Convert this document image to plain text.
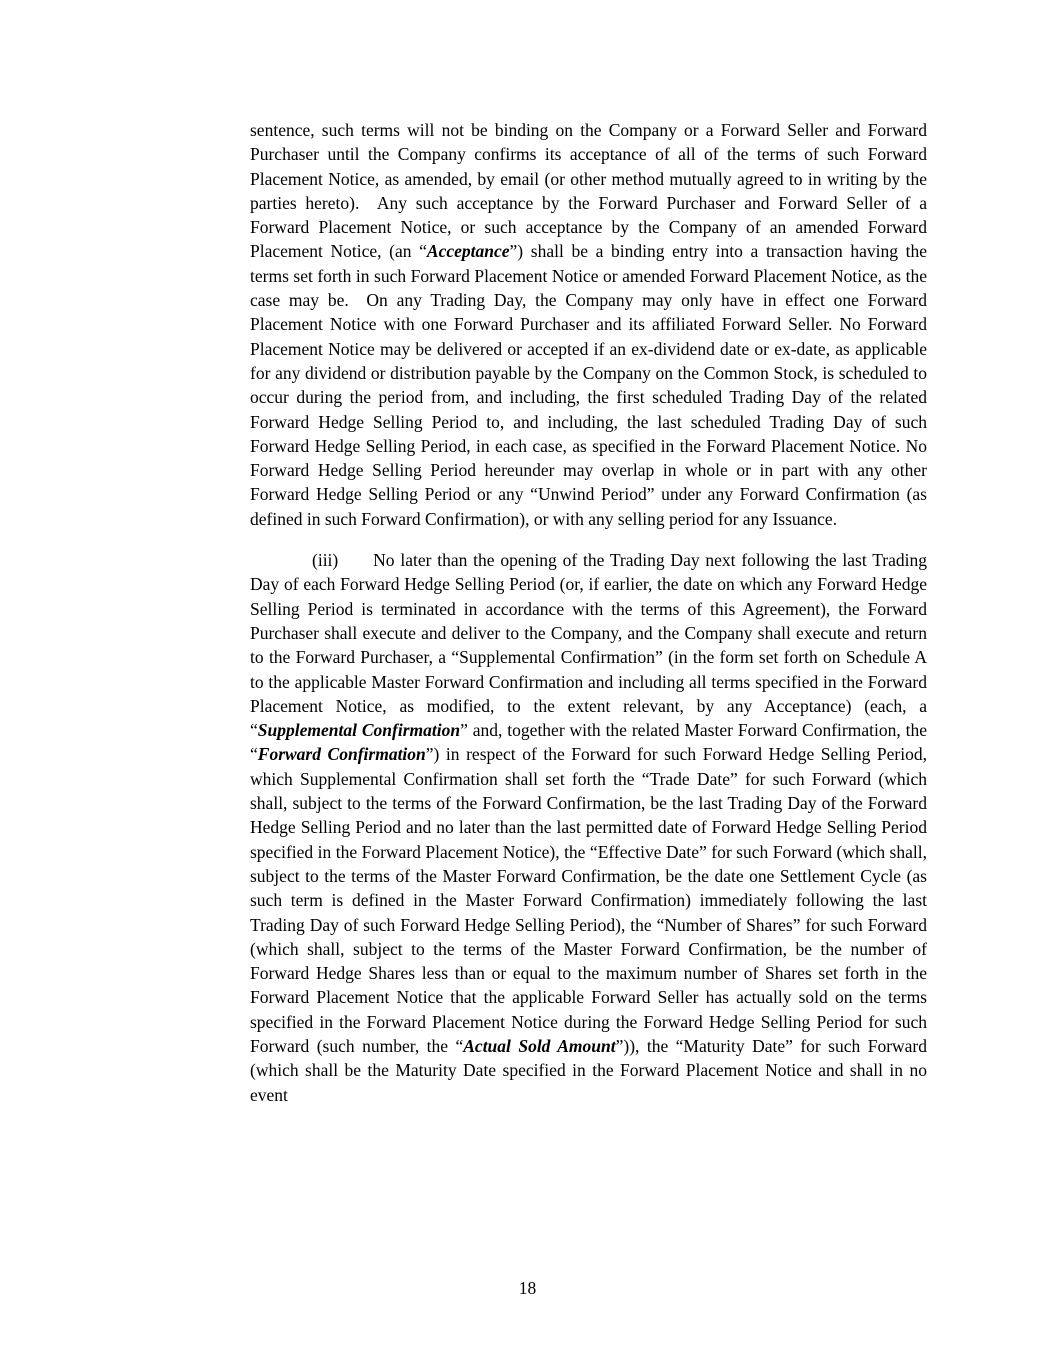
sentence, such terms will not be binding on the Company or a Forward Seller and Forward Purchaser until the Company confirms its acceptance of all of the terms of such Forward Placement Notice, as amended, by email (or other method mutually agreed to in writing by the parties hereto).  Any such acceptance by the Forward Purchaser and Forward Seller of a Forward Placement Notice, or such acceptance by the Company of an amended Forward Placement Notice, (an “Acceptance”) shall be a binding entry into a transaction having the terms set forth in such Forward Placement Notice or amended Forward Placement Notice, as the case may be.  On any Trading Day, the Company may only have in effect one Forward Placement Notice with one Forward Purchaser and its affiliated Forward Seller. No Forward Placement Notice may be delivered or accepted if an ex-dividend date or ex-date, as applicable for any dividend or distribution payable by the Company on the Common Stock, is scheduled to occur during the period from, and including, the first scheduled Trading Day of the related Forward Hedge Selling Period to, and including, the last scheduled Trading Day of such Forward Hedge Selling Period, in each case, as specified in the Forward Placement Notice. No Forward Hedge Selling Period hereunder may overlap in whole or in part with any other Forward Hedge Selling Period or any “Unwind Period” under any Forward Confirmation (as defined in such Forward Confirmation), or with any selling period for any Issuance.

(iii)      No later than the opening of the Trading Day next following the last Trading Day of each Forward Hedge Selling Period (or, if earlier, the date on which any Forward Hedge Selling Period is terminated in accordance with the terms of this Agreement), the Forward Purchaser shall execute and deliver to the Company, and the Company shall execute and return to the Forward Purchaser, a “Supplemental Confirmation” (in the form set forth on Schedule A to the applicable Master Forward Confirmation and including all terms specified in the Forward Placement Notice, as modified, to the extent relevant, by any Acceptance) (each, a “Supplemental Confirmation” and, together with the related Master Forward Confirmation, the “Forward Confirmation”) in respect of the Forward for such Forward Hedge Selling Period, which Supplemental Confirmation shall set forth the “Trade Date” for such Forward (which shall, subject to the terms of the Forward Confirmation, be the last Trading Day of the Forward Hedge Selling Period and no later than the last permitted date of Forward Hedge Selling Period specified in the Forward Placement Notice), the “Effective Date” for such Forward (which shall, subject to the terms of the Master Forward Confirmation, be the date one Settlement Cycle (as such term is defined in the Master Forward Confirmation) immediately following the last Trading Day of such Forward Hedge Selling Period), the “Number of Shares” for such Forward (which shall, subject to the terms of the Master Forward Confirmation, be the number of Forward Hedge Shares less than or equal to the maximum number of Shares set forth in the Forward Placement Notice that the applicable Forward Seller has actually sold on the terms specified in the Forward Placement Notice during the Forward Hedge Selling Period for such Forward (such number, the “Actual Sold Amount”)), the “Maturity Date” for such Forward (which shall be the Maturity Date specified in the Forward Placement Notice and shall in no event

18
